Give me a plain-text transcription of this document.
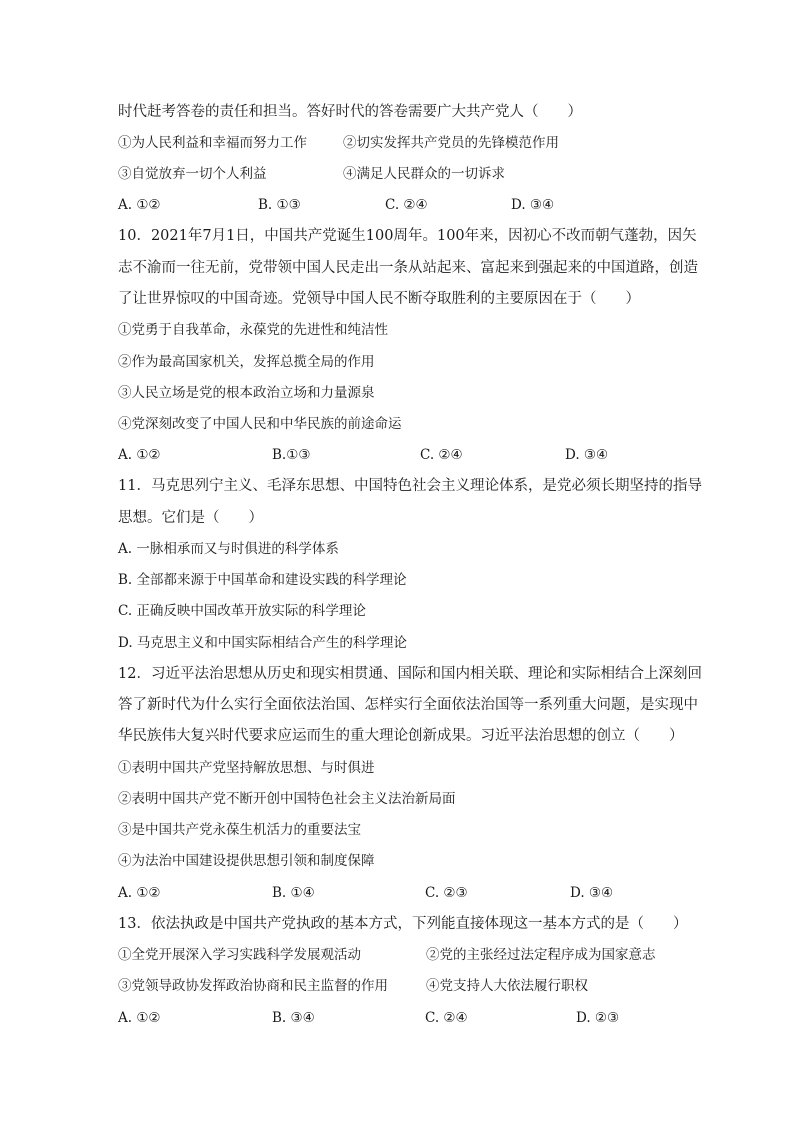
时代赶考答卷的责任和担当。答好时代的答卷需要广大共产党人（　　）
①为人民利益和幸福而努力工作	②切实发挥共产党员的先锋模范作用
③自觉放弃一切个人利益	④满足人民群众的一切诉求
A. ①②	B. ①③	C. ②④	D. ③④
10．2021年7月1日，中国共产党诞生100周年。100年来，因初心不改而朝气蓬勃，因矢
志不渝而一往无前，党带领中国人民走出一条从站起来、富起来到强起来的中国道路，创造
了让世界惊叹的中国奇迹。党领导中国人民不断夺取胜利的主要原因在于（　　）
①党勇于自我革命，永葆党的先进性和纯洁性
②作为最高国家机关，发挥总揽全局的作用
③人民立场是党的根本政治立场和力量源泉
④党深刻改变了中国人民和中华民族的前途命运
A. ①②	B.①③	C. ②④	D. ③④
11．马克思列宁主义、毛泽东思想、中国特色社会主义理论体系，是党必须长期坚持的指导
思想。它们是（　　）
A. 一脉相承而又与时俱进的科学体系
B. 全部都来源于中国革命和建设实践的科学理论
C. 正确反映中国改革开放实际的科学理论
D. 马克思主义和中国实际相结合产生的科学理论
12．习近平法治思想从历史和现实相贯通、国际和国内相关联、理论和实际相结合上深刻回
答了新时代为什么实行全面依法治国、怎样实行全面依法治国等一系列重大问题，是实现中
华民族伟大复兴时代要求应运而生的重大理论创新成果。习近平法治思想的创立（　　）
①表明中国共产党坚持解放思想、与时俱进
②表明中国共产党不断开创中国特色社会主义法治新局面
③是中国共产党永葆生机活力的重要法宝
④为法治中国建设提供思想引领和制度保障
A. ①②	B. ①④	C. ②③	D. ③④
13．依法执政是中国共产党执政的基本方式，下列能直接体现这一基本方式的是（　　）
①全党开展深入学习实践科学发展观活动	②党的主张经过法定程序成为国家意志
③党领导政协发挥政治协商和民主监督的作用	④党支持人大依法履行职权
A. ①②	B. ③④	C. ②④	D. ②③
